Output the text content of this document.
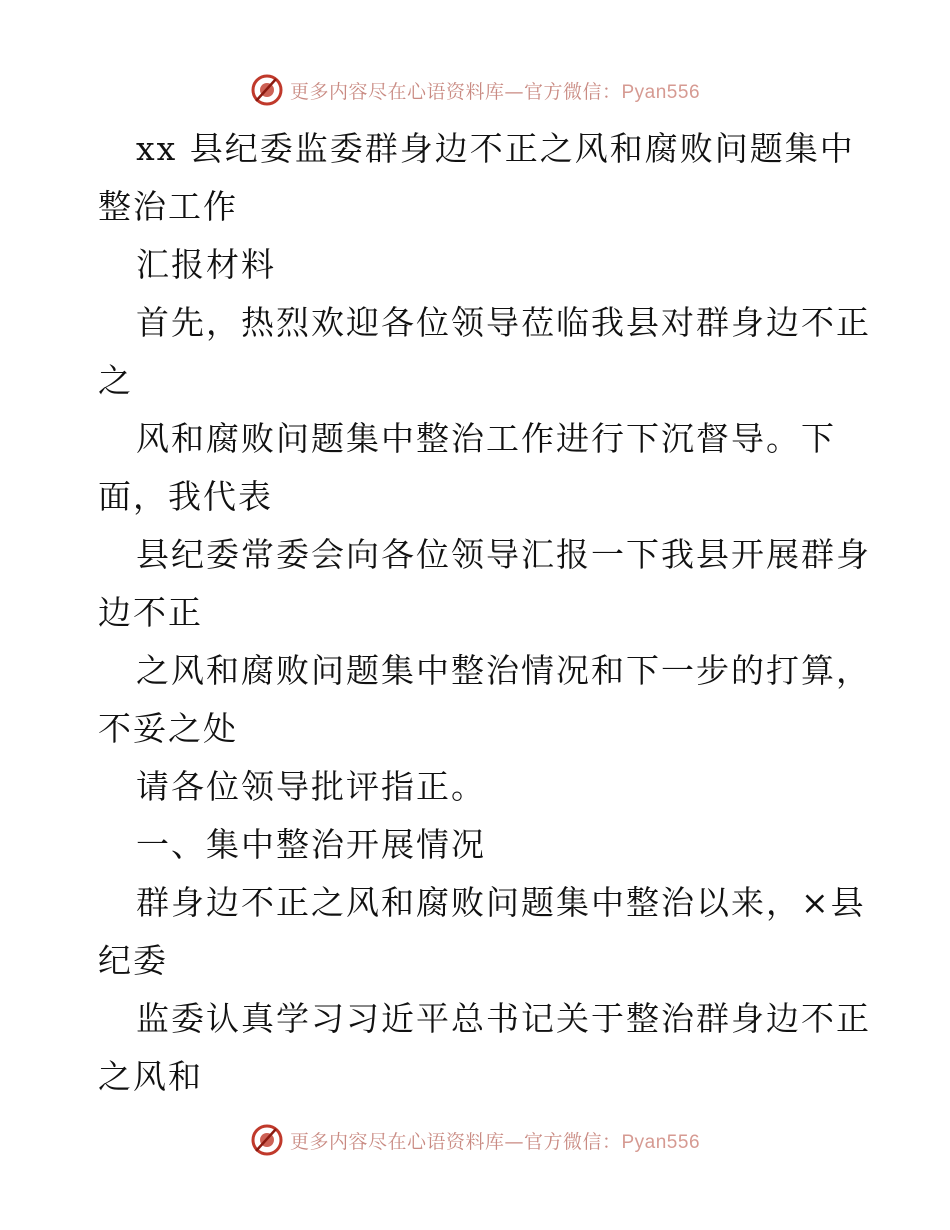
更多内容尽在心语资料库—官方微信：Pyan556
xx 县纪委监委群身边不正之风和腐败问题集中
整治工作
汇报材料
首先，热烈欢迎各位领导莅临我县对群身边不正
之
风和腐败问题集中整治工作进行下沉督导。下
面，我代表
县纪委常委会向各位领导汇报一下我县开展群身
边不正
之风和腐败问题集中整治情况和下一步的打算，
不妥之处
请各位领导批评指正。
一、集中整治开展情况
群身边不正之风和腐败问题集中整治以来，×县
纪委
监委认真学习习近平总书记关于整治群身边不正
之风和
更多内容尽在心语资料库—官方微信：Pyan556
